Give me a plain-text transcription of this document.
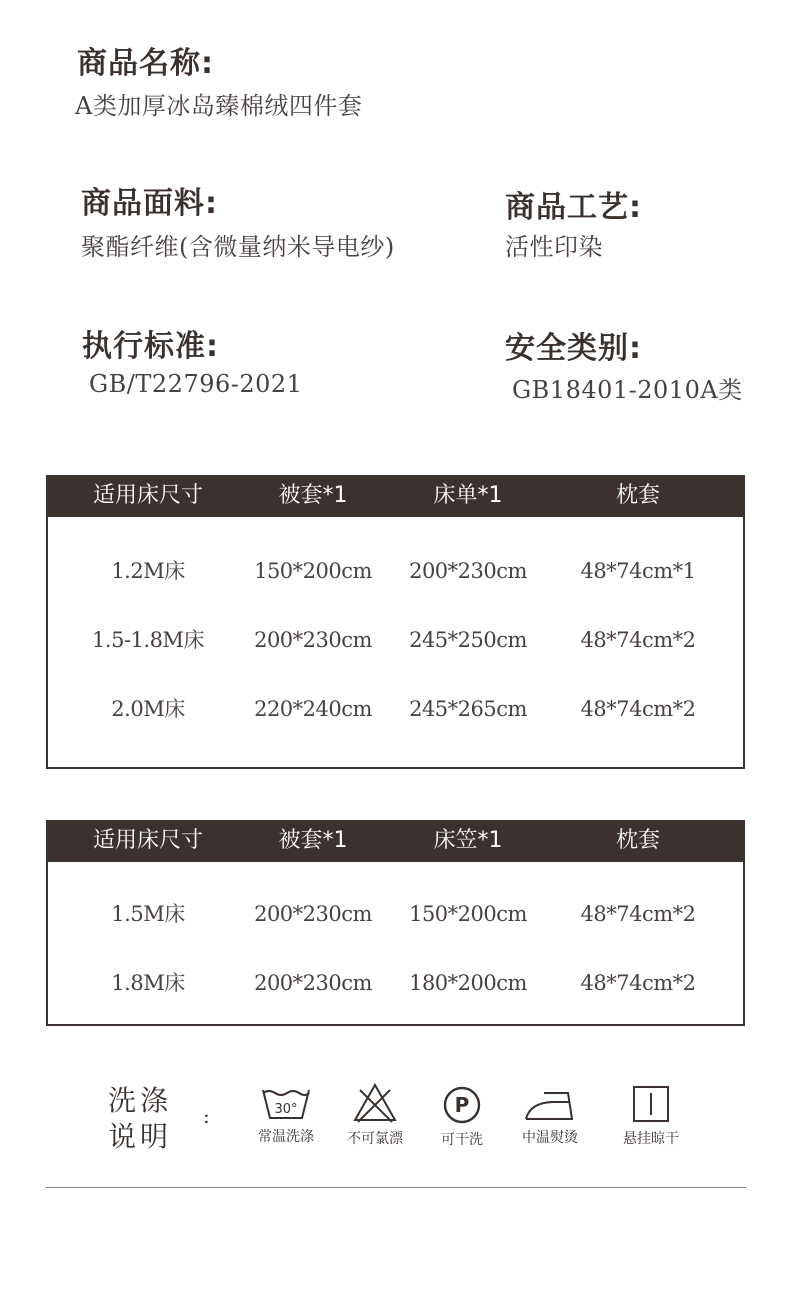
商品名称:
A类加厚冰岛臻棉绒四件套
商品面料:
聚酯纤维(含微量纳米导电纱)
商品工艺:
活性印染
执行标准:
GB/T22796-2021
安全类别:
GB18401-2010A类
适用床尺寸	被套*1	床单*1	枕套
1.2M床	150*200cm	200*230cm	48*74cm*1
1.5-1.8M床	200*230cm	245*250cm	48*74cm*2
2.0M床	220*240cm	245*265cm	48*74cm*2
适用床尺寸	被套*1	床笠*1	枕套
1.5M床	200*230cm	150*200cm	48*74cm*2
1.8M床	200*230cm	180*200cm	48*74cm*2
洗涤
说明
:	30°
常温洗涤	不可氯漂
P
可干洗	中温熨烫	悬挂晾干
